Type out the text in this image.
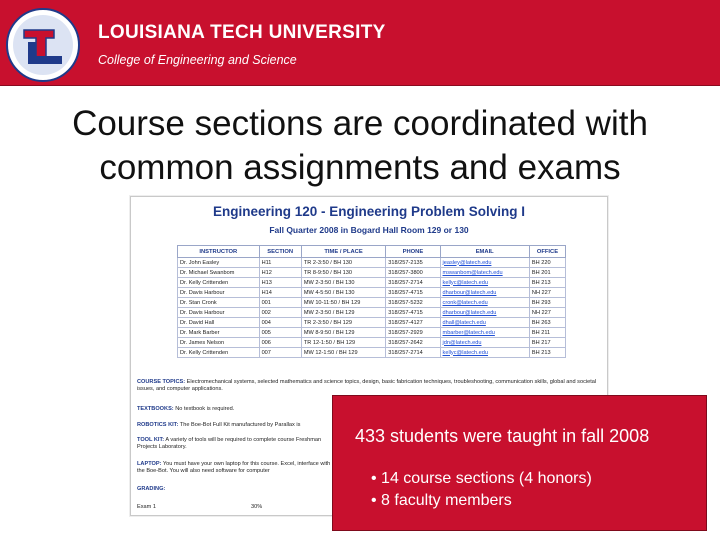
LOUISIANA TECH UNIVERSITY
College of Engineering and Science
Course sections are coordinated with
common assignments and exams
Engineering 120 - Engineering Problem Solving I
Fall Quarter 2008 in Bogard Hall Room 129 or 130
INSTRUCTOR	SECTION	TIME / PLACE	PHONE	EMAIL	OFFICE
Dr. John Easley	H11	TR 2-3:50 / BH 130	318/257-2135	jeasley@latech.edu	BH 220
Dr. Michael Swanbom	H12	TR 8-9:50 / BH 130	318/257-3800	mswanbom@latech.edu	BH 201
Dr. Kelly Crittenden	H13	MW 2-3:50 / BH 130	318/257-2714	kellyc@latech.edu	BH 213
Dr. Davis Harbour	H14	MW 4-5:50 / BH 130	318/257-4715	dharbour@latech.edu	NH 227
Dr. Stan Cronk	001	MW 10-11:50 / BH 129	318/257-5232	cronk@latech.edu	BH 293
Dr. Davis Harbour	002	MW 2-3:50 / BH 129	318/257-4715	dharbour@latech.edu	NH 227
Dr. David Hall	004	TR 2-3:50 / BH 129	318/257-4127	dhall@latech.edu	BH 263
Dr. Mark Barber	005	MW 8-9:50 / BH 129	318/257-2929	mbarber@latech.edu	BH 211
Dr. James Nelson	006	TR 12-1:50 / BH 129	318/257-2642	jdn@latech.edu	BH 217
Dr. Kelly Crittenden	007	MW 12-1:50 / BH 129	318/257-2714	kellyc@latech.edu	BH 213
COURSE TOPICS: Electromechanical systems, selected mathematics and science topics, design, basic fabrication techniques, troubleshooting, communication skills, global and societal issues, and computer applications.
TEXTBOOKS: No textbook is required.
ROBOTICS KIT: The Boe-Bot Full Kit manufactured by Parallax is
TOOL KIT: A variety of tools will be required to complete course Freshman Projects Laboratory.
LAPTOP: You must have your own laptop for this course. Excel, interface with the Boe-Bot. You will also need software for computer
GRADING:
Exam 1	30%
433 students were taught in fall 2008
• 14 course sections (4 honors)
• 8 faculty members
